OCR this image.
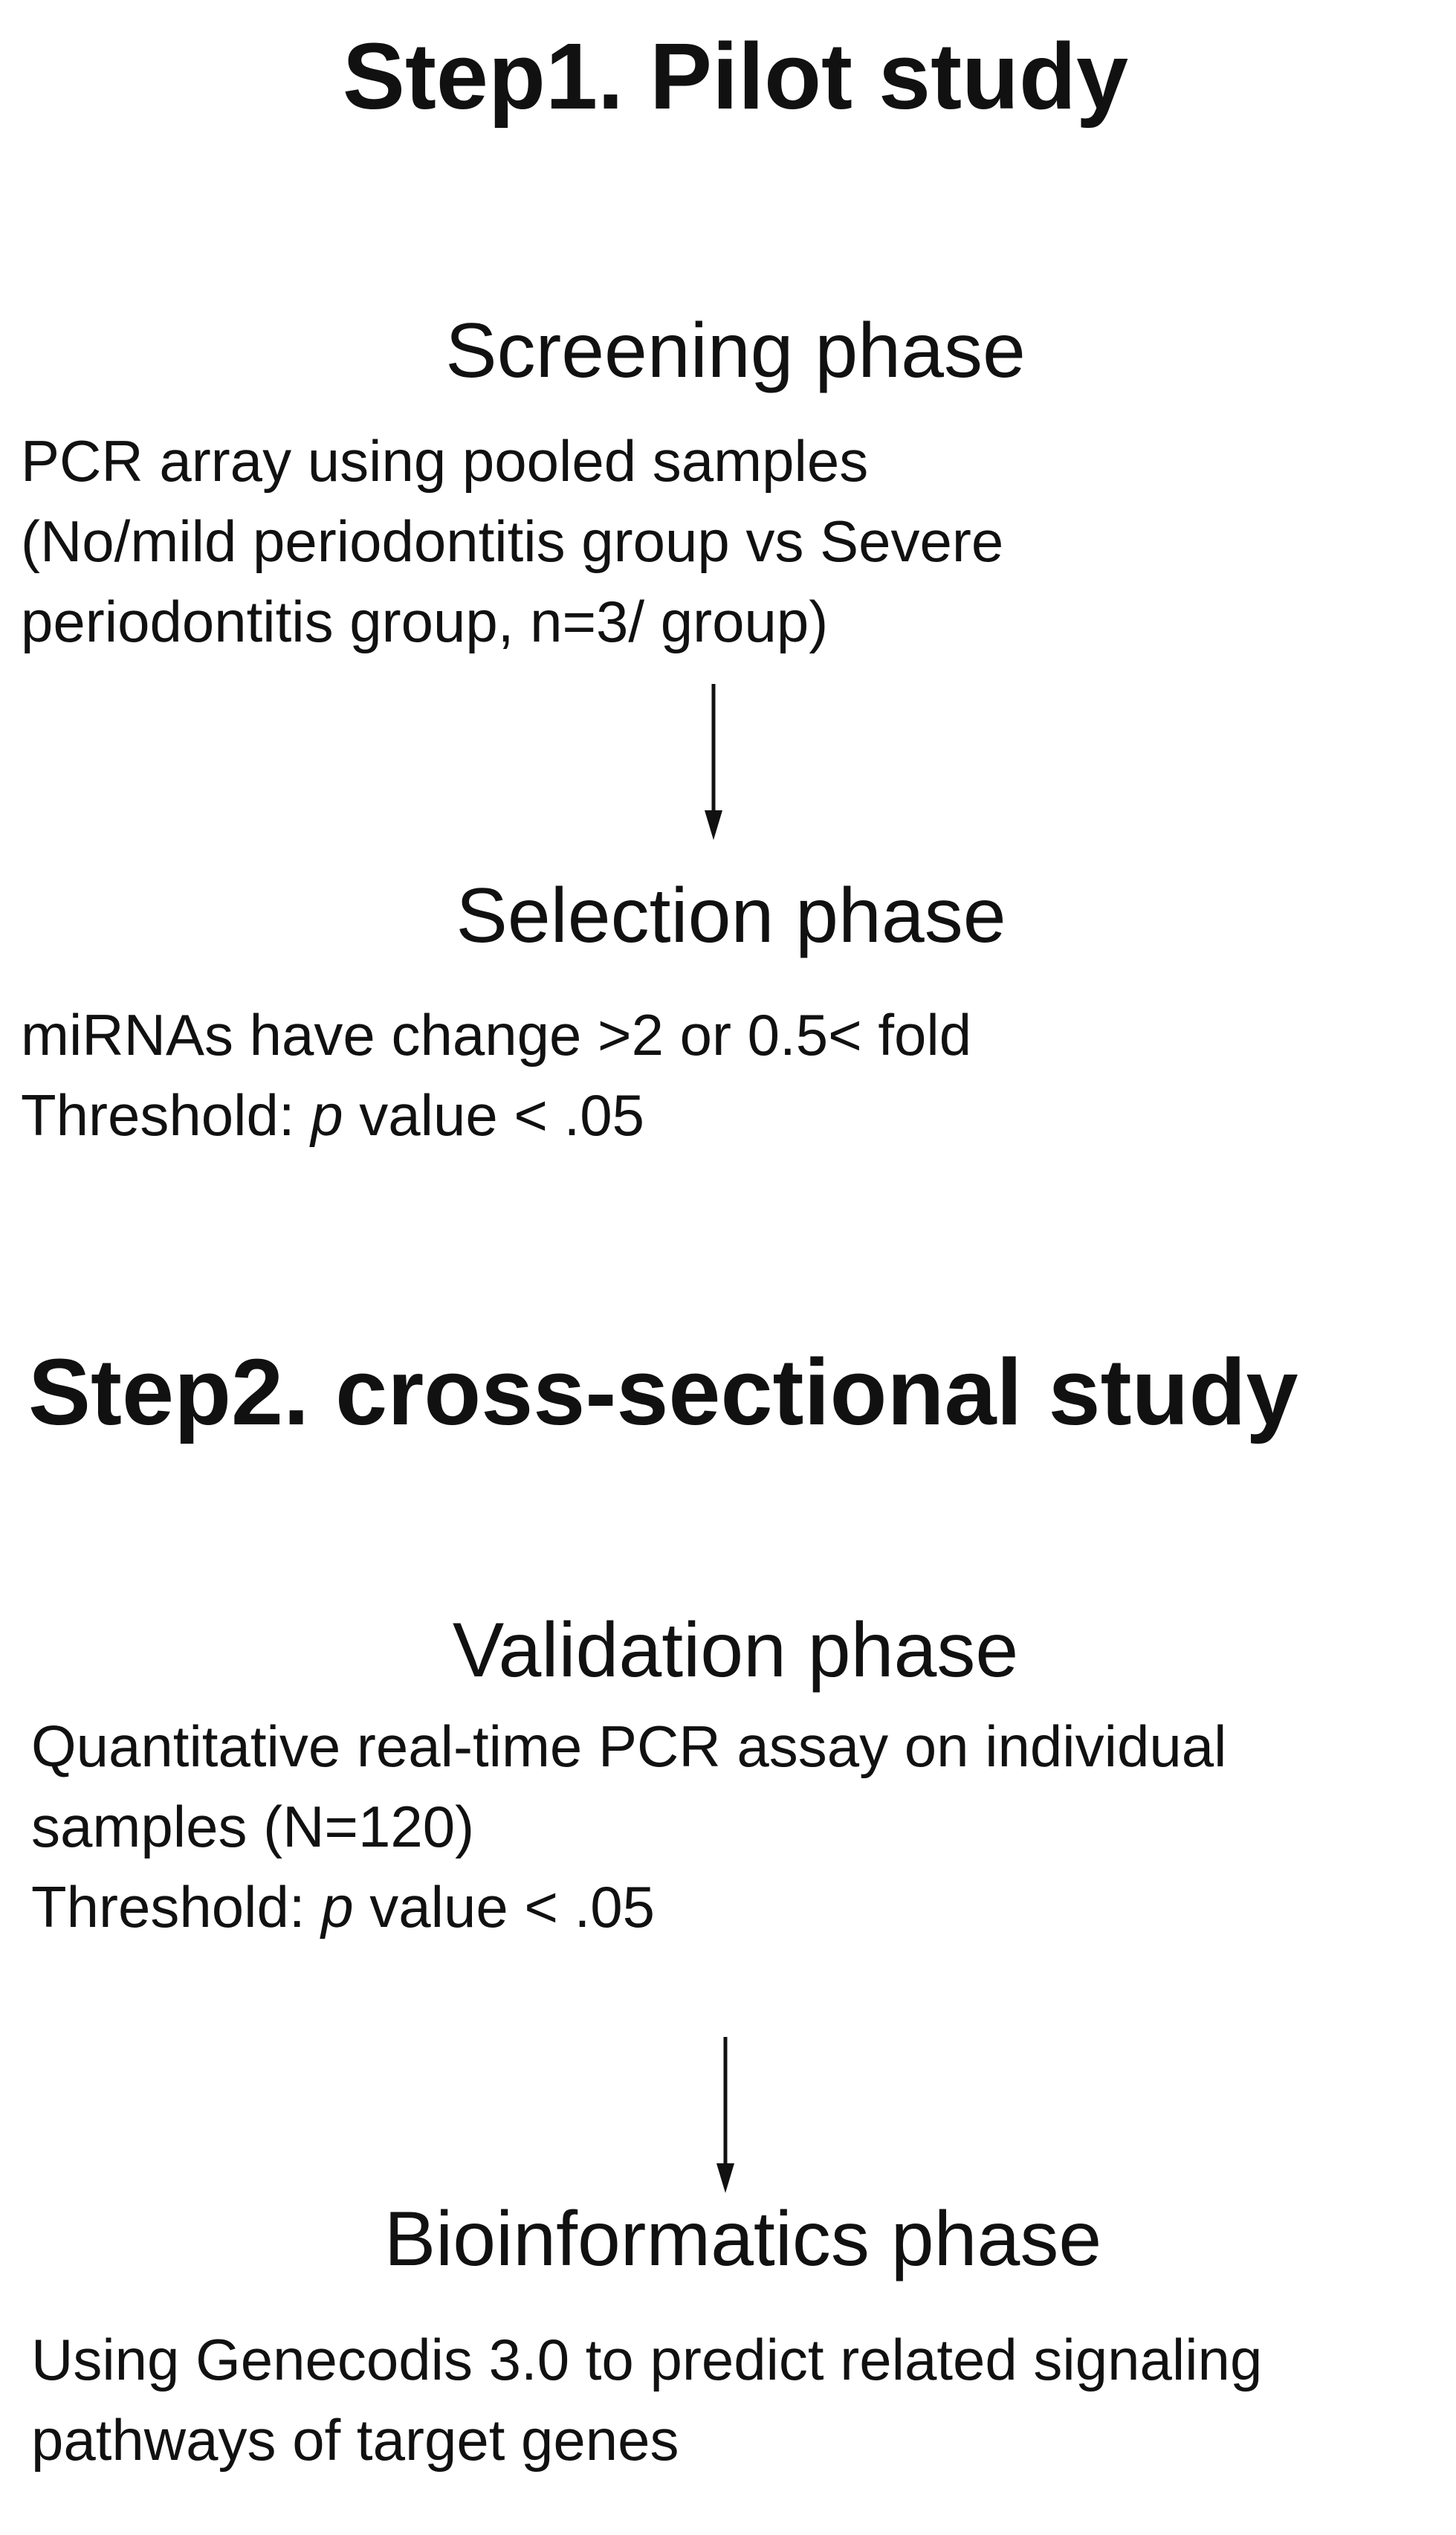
Step1. Pilot study
Screening phase
PCR array using pooled samples
(No/mild periodontitis group vs Severe
periodontitis group, n=3/ group)
Selection phase
miRNAs have change >2 or 0.5< fold
Threshold: p value < .05
Step2. cross-sectional study
Validation phase
Quantitative real-time PCR assay on individual
samples (N=120)
Threshold: p value < .05
Bioinformatics phase
Using Genecodis 3.0 to predict related signaling
pathways of target genes
